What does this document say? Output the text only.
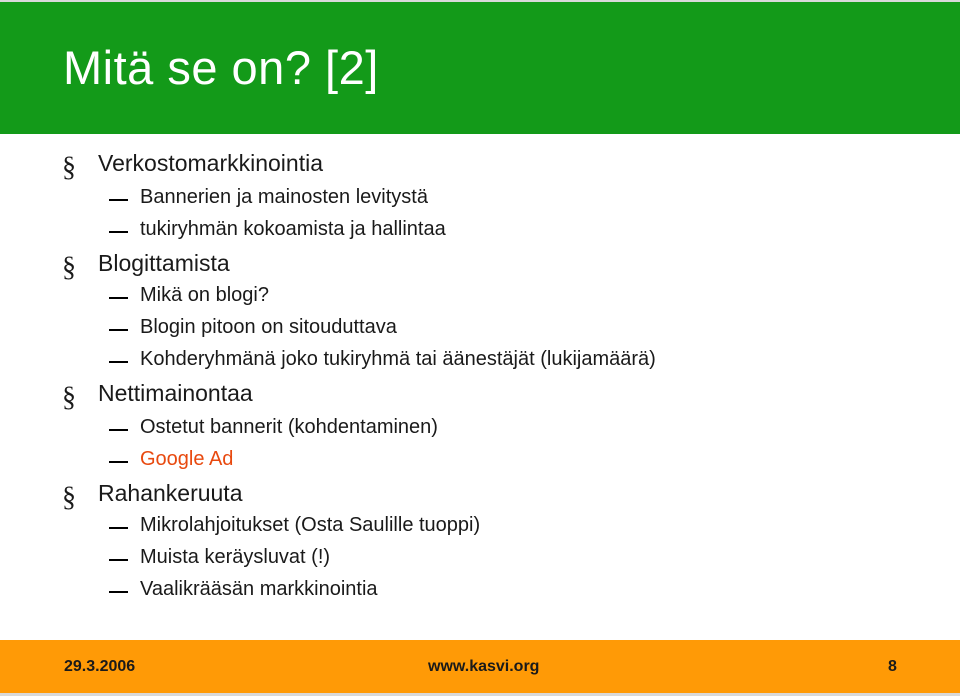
Mitä se on? [2]
§ Verkostomarkkinointia
Bannerien ja mainosten levitystä
tukiryhmän kokoamista ja hallintaa
§ Blogittamista
Mikä on blogi?
Blogin pitoon on sitouduttava
Kohderyhmänä joko tukiryhmä tai äänestäjät (lukijamäärä)
§ Nettimainontaa
Ostetut bannerit (kohdentaminen)
Google Ad
§ Rahankeruuta
Mikrolahjoitukset (Osta Saulille tuoppi)
Muista keräysluvat (!)
Vaalikrääsän markkinointia
29.3.2006	www.kasvi.org	8
